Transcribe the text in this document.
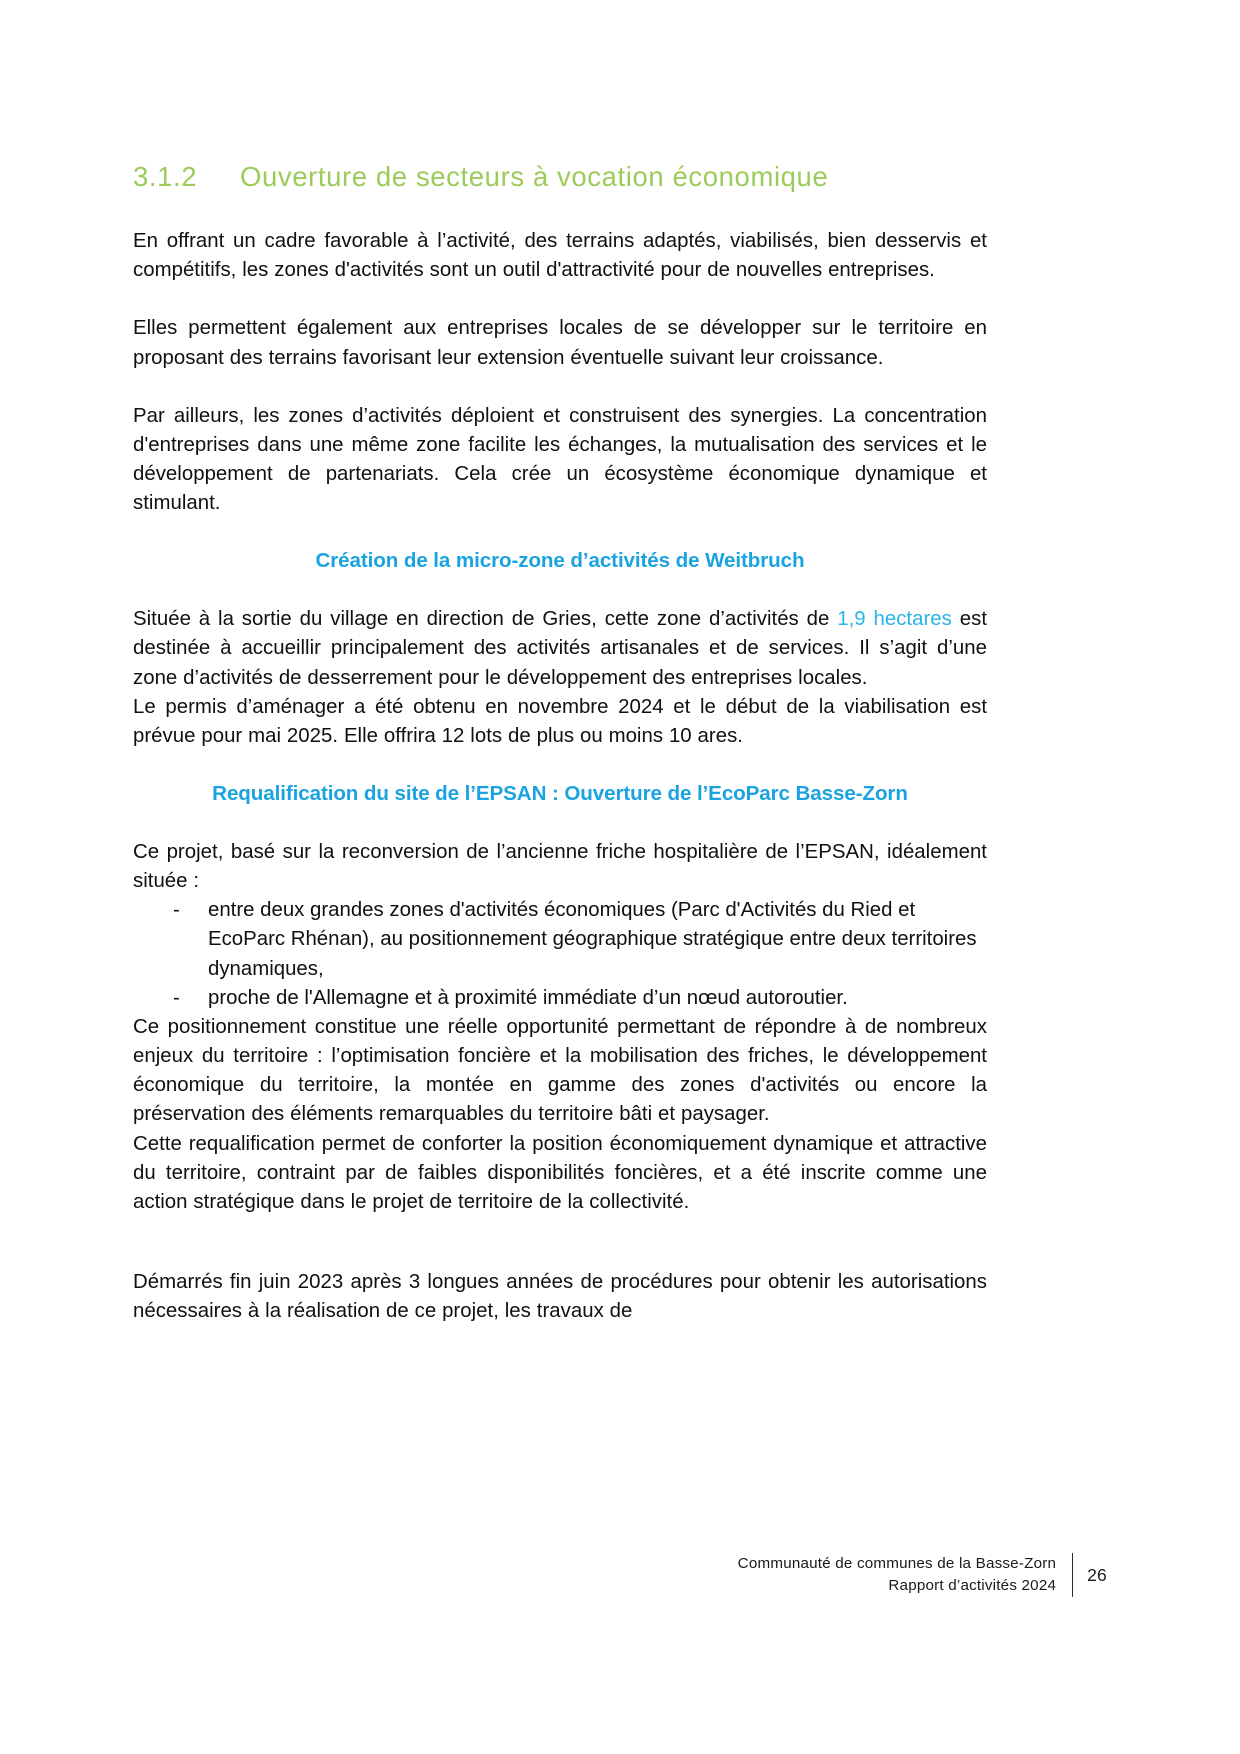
3.1.2	Ouverture de secteurs à vocation économique

En offrant un cadre favorable à l’activité, des terrains adaptés, viabilisés, bien desservis et compétitifs, les zones d'activités sont un outil d'attractivité pour de nouvelles entreprises.

Elles permettent également aux entreprises locales de se développer sur le territoire en proposant des terrains favorisant leur extension éventuelle suivant leur croissance.

Par ailleurs, les zones d’activités déploient et construisent des synergies. La concentration d'entreprises dans une même zone facilite les échanges, la mutualisation des services et le développement de partenariats. Cela crée un écosystème économique dynamique et stimulant.

Création de la micro-zone d’activités de Weitbruch

Située à la sortie du village en direction de Gries, cette zone d’activités de 1,9 hectares est destinée à accueillir principalement des activités artisanales et de services. Il s’agit d’une zone d’activités de desserrement pour le développement des entreprises locales.

Le permis d’aménager a été obtenu en novembre 2024 et le début de la viabilisation est prévue pour mai 2025. Elle offrira 12 lots de plus ou moins 10 ares.

Requalification du site de l’EPSAN : Ouverture de l’EcoParc Basse-Zorn

Ce projet, basé sur la reconversion de l’ancienne friche hospitalière de l’EPSAN, idéalement située :

- entre deux grandes zones d'activités économiques (Parc d'Activités du Ried et EcoParc Rhénan), au positionnement géographique stratégique entre deux territoires dynamiques,
- proche de l'Allemagne et à proximité immédiate d’un nœud autoroutier.

Ce positionnement constitue une réelle opportunité permettant de répondre à de nombreux enjeux du territoire : l’optimisation foncière et la mobilisation des friches, le développement économique du territoire, la montée en gamme des zones d'activités ou encore la préservation des éléments remarquables du territoire bâti et paysager.

Cette requalification permet de conforter la position économiquement dynamique et attractive du territoire, contraint par de faibles disponibilités foncières, et a été inscrite comme une action stratégique dans le projet de territoire de la collectivité.

Démarrés fin juin 2023 après 3 longues années de procédures pour obtenir les autorisations nécessaires à la réalisation de ce projet, les travaux de

Communauté de communes de la Basse-Zorn
Rapport d’activités 2024
26
